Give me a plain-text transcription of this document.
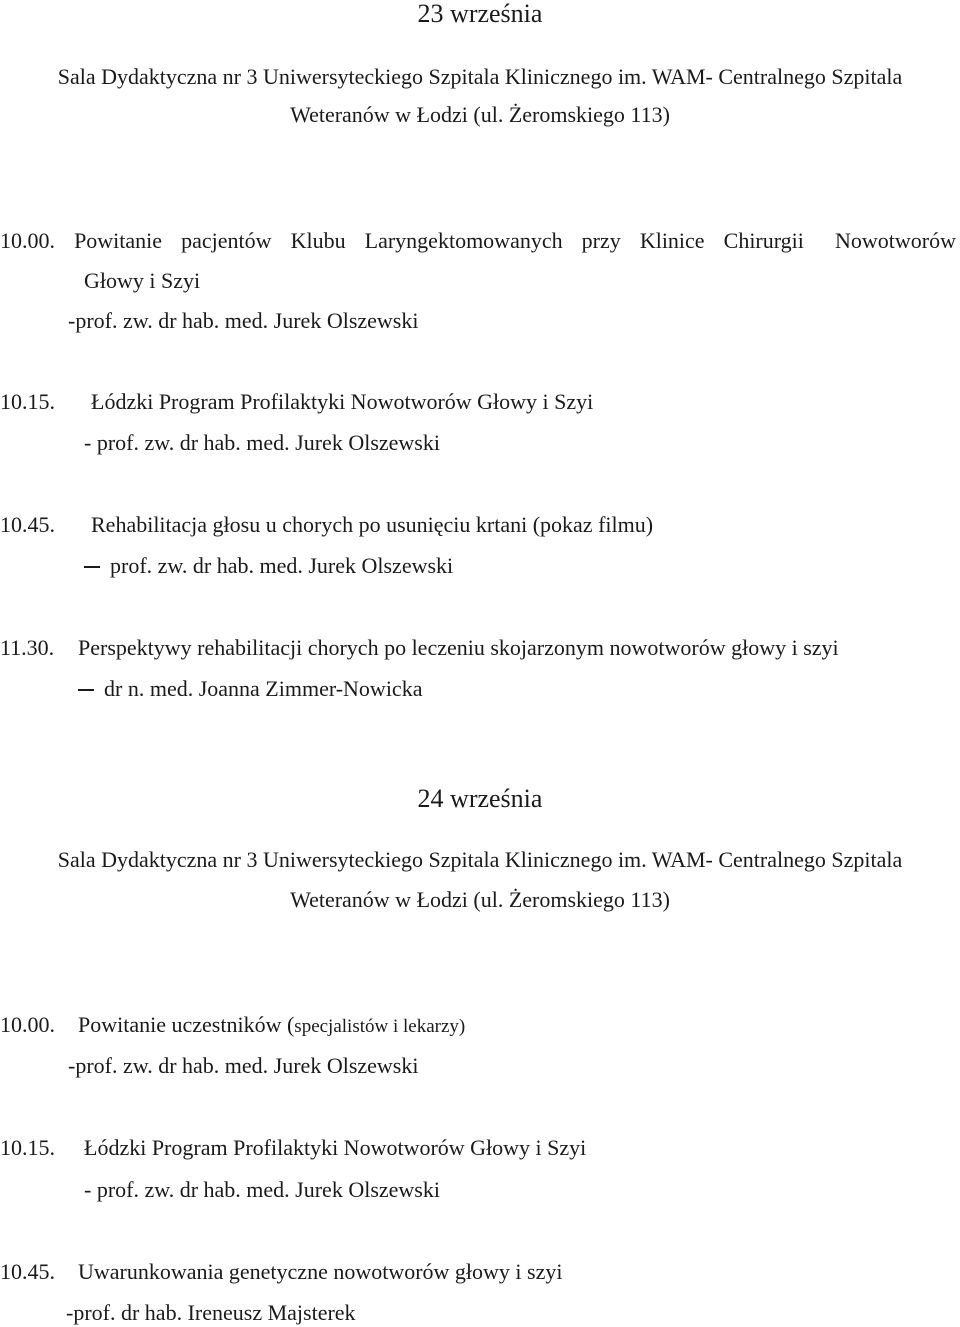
23 września
Sala Dydaktyczna nr 3 Uniwersyteckiego Szpitala Klinicznego im. WAM- Centralnego Szpitala
Weteranów w Łodzi (ul. Żeromskiego 113)
10.00. Powitanie pacjentów Klubu Laryngektomowanych przy Klinice Chirurgii Nowotworów
Głowy i Szyi
-prof. zw. dr hab. med. Jurek Olszewski
10.15. Łódzki Program Profilaktyki Nowotworów Głowy i Szyi
- prof. zw. dr hab. med. Jurek Olszewski
10.45. Rehabilitacja głosu u chorych po usunięciu krtani (pokaz filmu)
prof. zw. dr hab. med. Jurek Olszewski
11.30. Perspektywy rehabilitacji chorych po leczeniu skojarzonym nowotworów głowy i szyi
dr n. med. Joanna Zimmer-Nowicka
24 września
Sala Dydaktyczna nr 3 Uniwersyteckiego Szpitala Klinicznego im. WAM- Centralnego Szpitala
Weteranów w Łodzi (ul. Żeromskiego 113)
10.00. Powitanie uczestników (specjalistów i lekarzy)
-prof. zw. dr hab. med. Jurek Olszewski
10.15. Łódzki Program Profilaktyki Nowotworów Głowy i Szyi
- prof. zw. dr hab. med. Jurek Olszewski
10.45. Uwarunkowania genetyczne nowotworów głowy i szyi
-prof. dr hab. Ireneusz Majsterek
